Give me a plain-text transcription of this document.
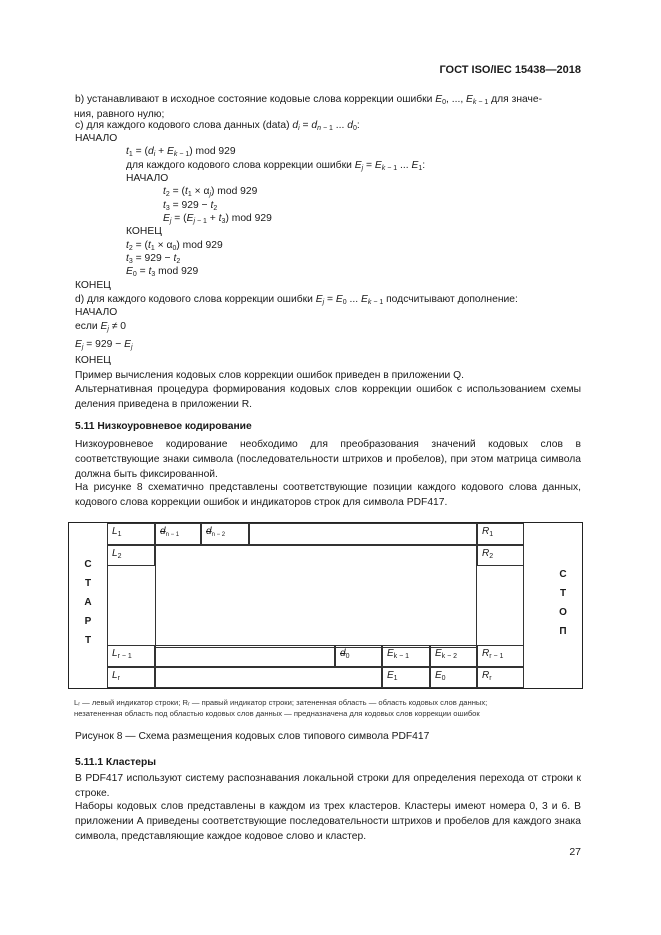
ГОСТ ISO/IEC 15438—2018
b) устанавливают в исходное состояние кодовые слова коррекции ошибки $E_0$, ..., $E_{k - 1}$ для значе-
ния, равного нулю;
c) для каждого кодового слова данных (data) $d_i = d_{n - 1}$ ... $d_0$:
НАЧАЛО
$t_1 = (d_i + E_k$ $_{- 1}$) mod 929
для каждого кодового слова коррекции ошибки $E_j = E_k$ $_{- 1}$ ... $E_1$:
НАЧАЛО
$t_2 = (t_1 \times \alpha_j)$ mod 929
$t_3 = 929 - t_2$
$E_j = (E_j$ $_{- 1} + t_3$) mod 929
КОНЕЦ
$t_2 = (t_1 \times \alpha_0)$ mod 929
$t_3 = 929 - t_2$
$E_0 = t_3$ mod 929
КОНЕЦ
d) для каждого кодового слова коррекции ошибки $E_j = E_0$ ... $E_{k - 1}$ подсчитывают дополнение:
НАЧАЛО
если $E_j \ne 0$
$E_j = 929 - E_j$
КОНЕЦ
Пример вычисления кодовых слов коррекции ошибок приведен в приложении Q.
Альтернативная процедура формирования кодовых слов коррекции ошибок с использованием схемы деления приведена в приложении R.
5.11 Низкоуровневое кодирование
Низкоуровневое кодирование необходимо для преобразования значений кодовых слов в соответствующие знаки символа (последовательности штрихов и пробелов), при этом матрица символа должна быть фиксированной.
На рисунке 8 схематично представлены соответствующие позиции каждого кодового слова данных, кодового слова коррекции ошибок и индикаторов строк для символа PDF417.
С
Т
А
Р
Т
С
Т
О
П
$L_1$	$d_{n - 1}$	$d_{n - 2}$	$R_1$
$L_2$	$R_2$
$L_{r - 1}$	$d_0$	$E_{k - 1}$	$E_{k - 2}$	$R_{r - 1}$
$L_r$	$E_1$	$E_0$	$R_r$
Lᵣ — левый индикатор строки; Rᵣ — правый индикатор строки; затененная область — область кодовых слов данных;
незатененная область под областью кодовых слов данных — предназначена для кодовых слов коррекции ошибок
Рисунок 8 — Схема размещения кодовых слов типового символа PDF417
5.11.1 Кластеры
В PDF417 используют систему распознавания локальной строки для определения перехода от строки к строке.
Наборы кодовых слов представлены в каждом из трех кластеров. Кластеры имеют номера 0, 3 и 6. В приложении А приведены соответствующие последовательности штрихов и пробелов для каждого знака символа, представляющие каждое кодовое слово и кластер.
27
